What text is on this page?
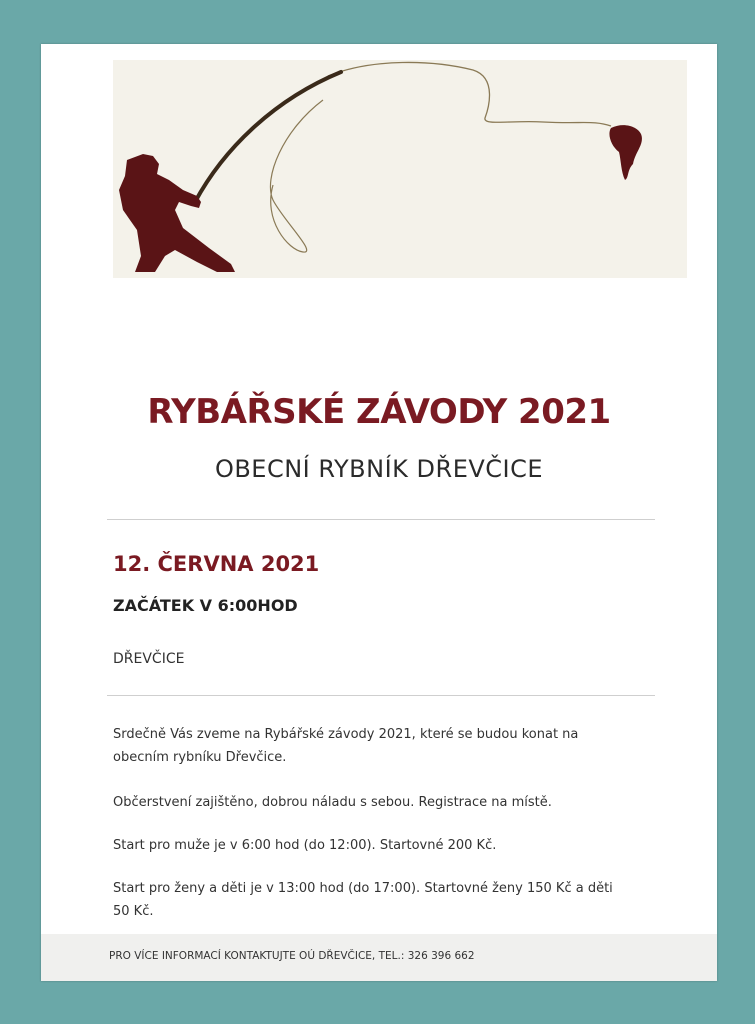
RYBÁŘSKÉ ZÁVODY 2021
OBECNÍ RYBNÍK DŘEVČICE
12. ČERVNA 2021
ZAČÁTEK V 6:00HOD
DŘEVČICE
Srdečně Vás zveme na Rybářské závody 2021, které se budou konat na obecním rybníku Dřevčice.
Občerstvení zajištěno, dobrou náladu s sebou. Registrace na místě.
Start pro muže je v 6:00 hod (do 12:00). Startovné 200 Kč.
Start pro ženy a děti je v 13:00 hod (do 17:00). Startovné ženy 150 Kč a děti 50 Kč.
PRO VÍCE INFORMACÍ KONTAKTUJTE OÚ DŘEVČICE, TEL.: 326 396 662
